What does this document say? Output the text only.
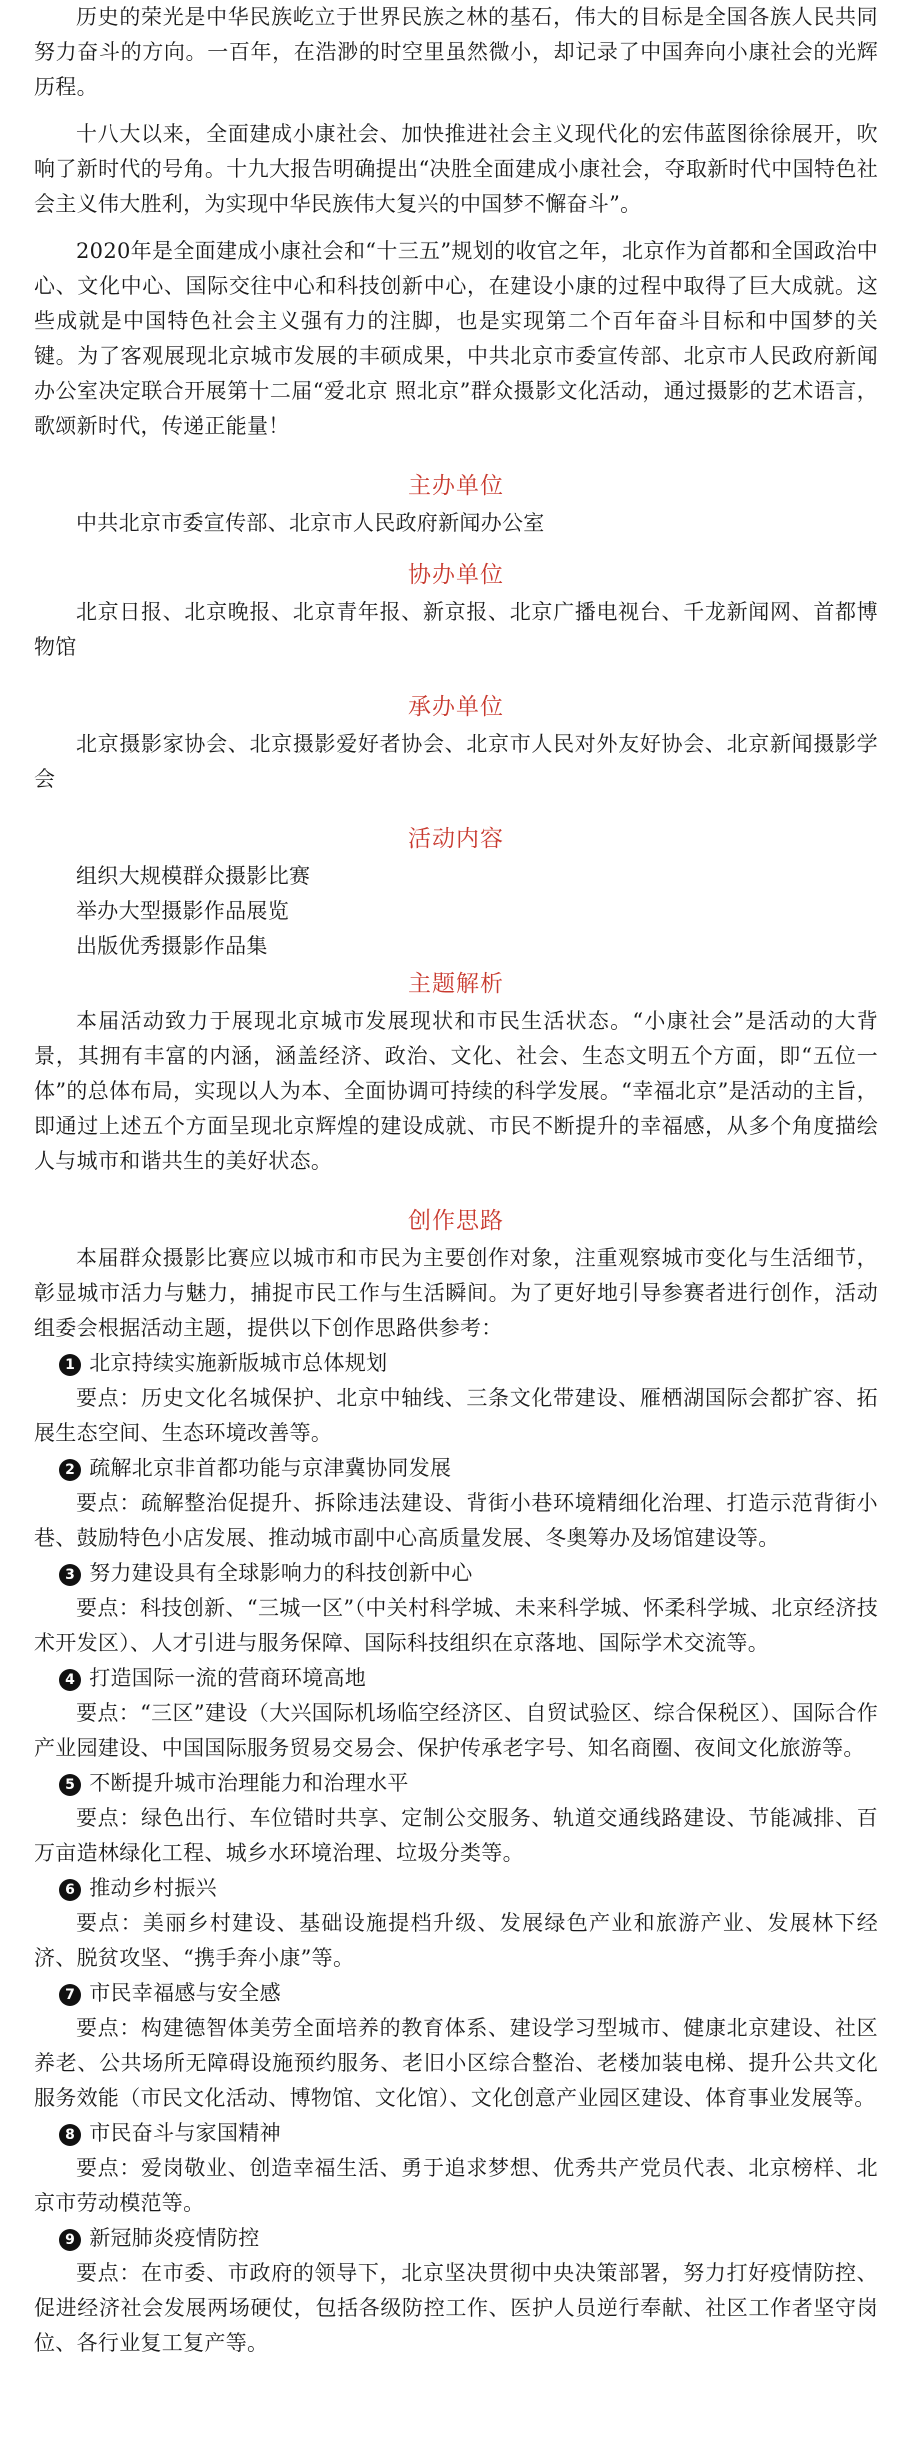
历史的荣光是中华民族屹立于世界民族之林的基石，伟大的目标是全国各族人民共同努力奋斗的方向。一百年，在浩渺的时空里虽然微小，却记录了中国奔向小康社会的光辉历程。

十八大以来，全面建成小康社会、加快推进社会主义现代化的宏伟蓝图徐徐展开，吹响了新时代的号角。十九大报告明确提出“决胜全面建成小康社会，夺取新时代中国特色社会主义伟大胜利，为实现中华民族伟大复兴的中国梦不懈奋斗”。

2020年是全面建成小康社会和“十三五”规划的收官之年，北京作为首都和全国政治中心、文化中心、国际交往中心和科技创新中心，在建设小康的过程中取得了巨大成就。这些成就是中国特色社会主义强有力的注脚，也是实现第二个百年奋斗目标和中国梦的关键。为了客观展现北京城市发展的丰硕成果，中共北京市委宣传部、北京市人民政府新闻办公室决定联合开展第十二届“爱北京 照北京”群众摄影文化活动，通过摄影的艺术语言，歌颂新时代，传递正能量！

主办单位

中共北京市委宣传部、北京市人民政府新闻办公室

协办单位

北京日报、北京晚报、北京青年报、新京报、北京广播电视台、千龙新闻网、首都博物馆

承办单位

北京摄影家协会、北京摄影爱好者协会、北京市人民对外友好协会、北京新闻摄影学会

活动内容

组织大规模群众摄影比赛

举办大型摄影作品展览

出版优秀摄影作品集

主题解析

本届活动致力于展现北京城市发展现状和市民生活状态。“小康社会”是活动的大背景，其拥有丰富的内涵，涵盖经济、政治、文化、社会、生态文明五个方面，即“五位一体”的总体布局，实现以人为本、全面协调可持续的科学发展。“幸福北京”是活动的主旨，即通过上述五个方面呈现北京辉煌的建设成就、市民不断提升的幸福感，从多个角度描绘人与城市和谐共生的美好状态。

创作思路

本届群众摄影比赛应以城市和市民为主要创作对象，注重观察城市变化与生活细节，彰显城市活力与魅力，捕捉市民工作与生活瞬间。为了更好地引导参赛者进行创作，活动组委会根据活动主题，提供以下创作思路供参考：

1 北京持续实施新版城市总体规划

要点：历史文化名城保护、北京中轴线、三条文化带建设、雁栖湖国际会都扩容、拓展生态空间、生态环境改善等。

2 疏解北京非首都功能与京津冀协同发展

要点：疏解整治促提升、拆除违法建设、背街小巷环境精细化治理、打造示范背街小巷、鼓励特色小店发展、推动城市副中心高质量发展、冬奥筹办及场馆建设等。

3 努力建设具有全球影响力的科技创新中心

要点：科技创新、“三城一区”（中关村科学城、未来科学城、怀柔科学城、北京经济技术开发区）、人才引进与服务保障、国际科技组织在京落地、国际学术交流等。

4 打造国际一流的营商环境高地

要点：“三区”建设（大兴国际机场临空经济区、自贸试验区、综合保税区）、国际合作产业园建设、中国国际服务贸易交易会、保护传承老字号、知名商圈、夜间文化旅游等。

5 不断提升城市治理能力和治理水平

要点：绿色出行、车位错时共享、定制公交服务、轨道交通线路建设、节能减排、百万亩造林绿化工程、城乡水环境治理、垃圾分类等。

6 推动乡村振兴

要点：美丽乡村建设、基础设施提档升级、发展绿色产业和旅游产业、发展林下经济、脱贫攻坚、“携手奔小康”等。

7 市民幸福感与安全感

要点：构建德智体美劳全面培养的教育体系、建设学习型城市、健康北京建设、社区养老、公共场所无障碍设施预约服务、老旧小区综合整治、老楼加装电梯、提升公共文化服务效能（市民文化活动、博物馆、文化馆）、文化创意产业园区建设、体育事业发展等。

8 市民奋斗与家国精神

要点：爱岗敬业、创造幸福生活、勇于追求梦想、优秀共产党员代表、北京榜样、北京市劳动模范等。

9 新冠肺炎疫情防控

要点：在市委、市政府的领导下，北京坚决贯彻中央决策部署，努力打好疫情防控、促进经济社会发展两场硬仗，包括各级防控工作、医护人员逆行奉献、社区工作者坚守岗位、各行业复工复产等。
